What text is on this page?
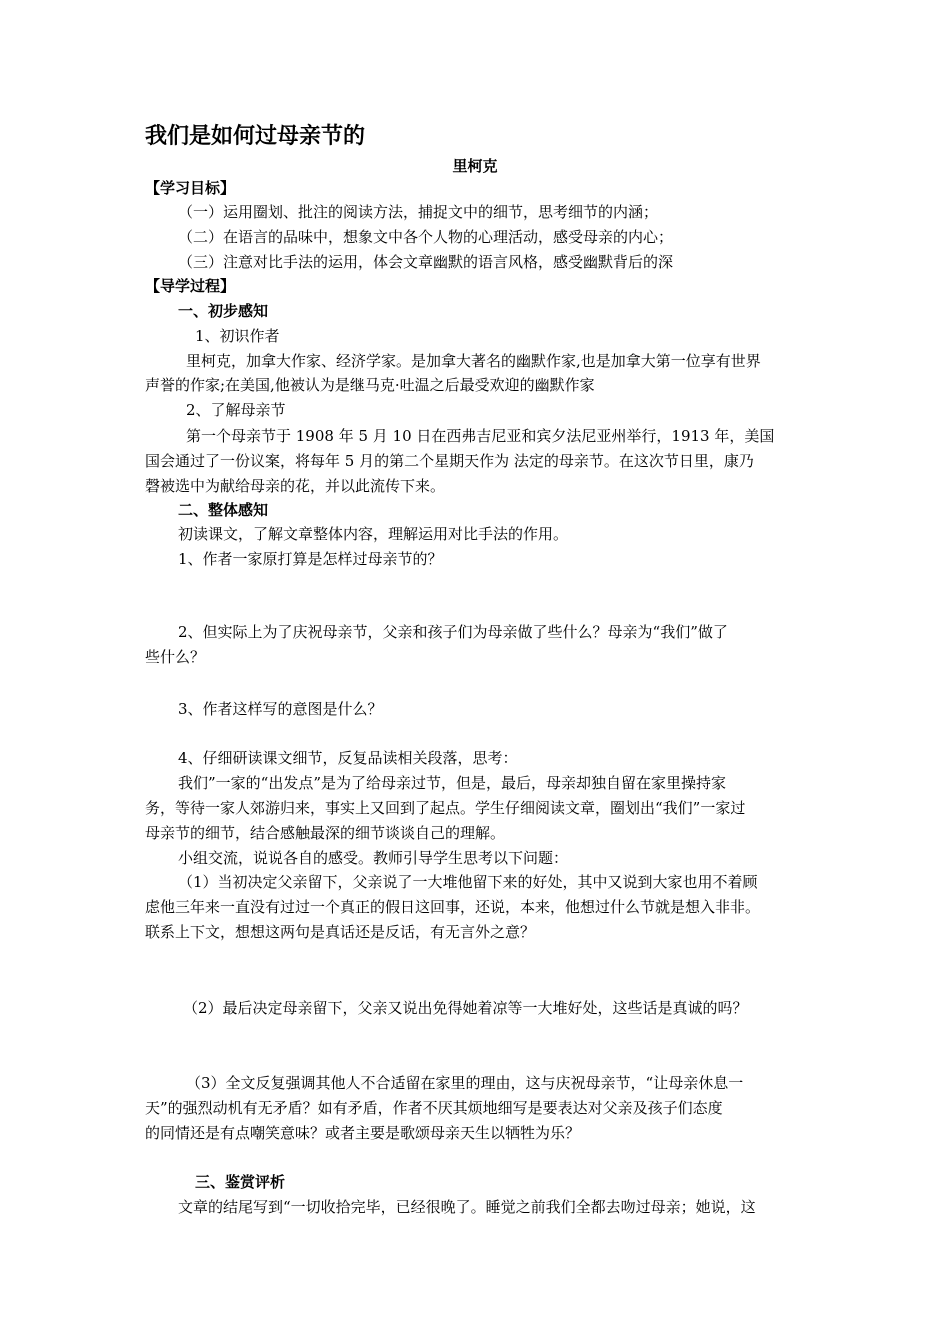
我们是如何过母亲节的
里柯克
【学习目标】
（一）运用圈划、批注的阅读方法，捕捉文中的细节，思考细节的内涵；
（二）在语言的品味中，想象文中各个人物的心理活动，感受母亲的内心；
（三）注意对比手法的运用，体会文章幽默的语言风格，感受幽默背后的深
【导学过程】
一、初步感知
1、初识作者
里柯克，加拿大作家、经济学家。是加拿大著名的幽默作家,也是加拿大第一位享有世界
声誉的作家;在美国,他被认为是继马克·吐温之后最受欢迎的幽默作家
2、了解母亲节
第一个母亲节于 1908 年 5 月 10 日在西弗吉尼亚和宾夕法尼亚州举行，1913 年，美国
国会通过了一份议案，将每年 5 月的第二个星期天作为 法定的母亲节。在这次节日里，康乃
磬被选中为献给母亲的花，并以此流传下来。
二、整体感知
初读课文，了解文章整体内容，理解运用对比手法的作用。
1、作者一家原打算是怎样过母亲节的？
2、但实际上为了庆祝母亲节，父亲和孩子们为母亲做了些什么？母亲为“我们”做了
些什么？
3、作者这样写的意图是什么？
4、仔细研读课文细节，反复品读相关段落，思考：
我们”一家的“出发点”是为了给母亲过节，但是，最后，母亲却独自留在家里操持家
务，等待一家人郊游归来，事实上又回到了起点。学生仔细阅读文章，圈划出“我们”一家过
母亲节的细节，结合感触最深的细节谈谈自己的理解。
小组交流，说说各自的感受。教师引导学生思考以下问题：
（1）当初决定父亲留下，父亲说了一大堆他留下来的好处，其中又说到大家也用不着顾
虑他三年来一直没有过过一个真正的假日这回事，还说，本来，他想过什么节就是想入非非。
联系上下文，想想这两句是真话还是反话，有无言外之意？
（2）最后决定母亲留下，父亲又说出免得她着凉等一大堆好处，这些话是真诚的吗？
（3）全文反复强调其他人不合适留在家里的理由，这与庆祝母亲节，“让母亲休息一
天”的强烈动机有无矛盾？如有矛盾，作者不厌其烦地细写是要表达对父亲及孩子们态度
的同情还是有点嘲笑意味？或者主要是歌颂母亲天生以牺牲为乐？
三、鉴赏评析
文章的结尾写到“一切收拾完毕，已经很晚了。睡觉之前我们全都去吻过母亲；她说，这
